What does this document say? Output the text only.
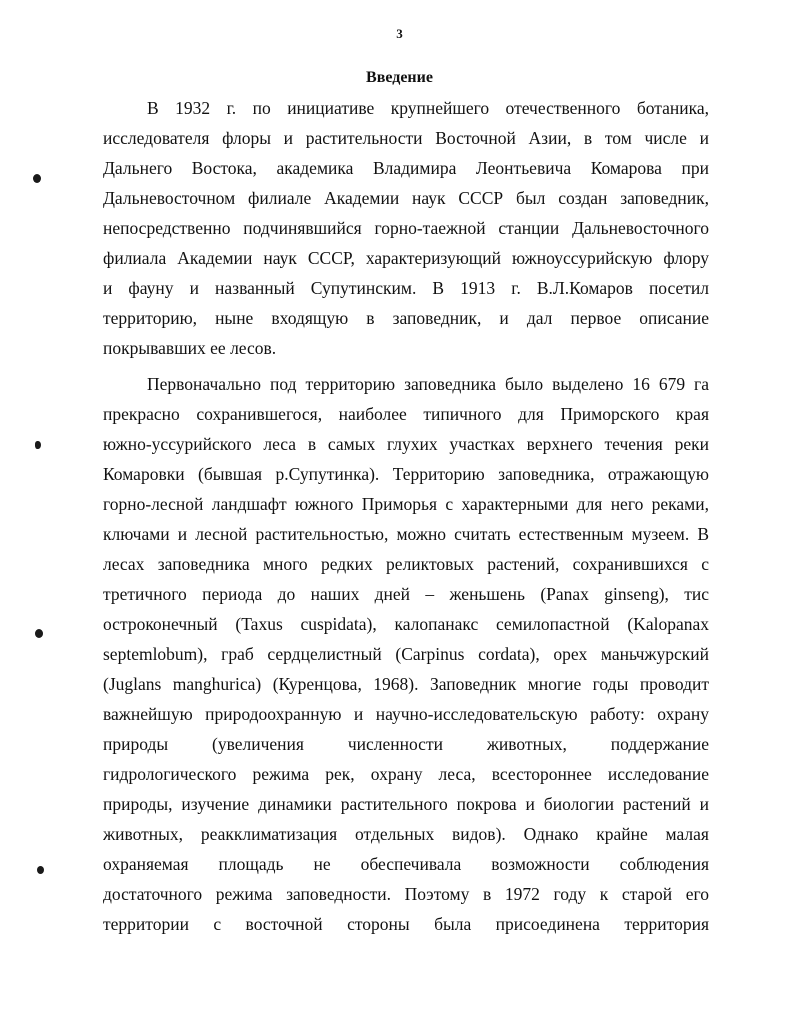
3
Введение
В 1932 г. по инициативе крупнейшего отечественного ботаника,
исследователя флоры и растительности Восточной Азии, в том числе и
Дальнего Востока, академика Владимира Леонтьевича Комарова при
Дальневосточном филиале Академии наук СССР был создан заповедник,
непосредственно подчинявшийся горно-таежной станции Дальневосточного
филиала Академии наук СССР, характеризующий южноуссурийскую флору
и фауну и названный Супутинским. В 1913 г. В.Л.Комаров посетил
территорию, ныне входящую в заповедник, и дал первое описание
покрывавших ее лесов.
Первоначально под территорию заповедника было выделено 16 679 га
прекрасно сохранившегося, наиболее типичного для Приморского края
южно-уссурийского леса в самых глухих участках верхнего течения реки
Комаровки (бывшая р.Супутинка). Территорию заповедника, отражающую
горно-лесной ландшафт южного Приморья с характерными для него реками,
ключами и лесной растительностью, можно считать естественным музеем. В
лесах заповедника много редких реликтовых растений, сохранившихся с
третичного периода до наших дней – женьшень (Panax ginseng), тис
остроконечный (Taxus cuspidata), калопанакс семилопастной (Kalopanax
septemlobum), граб сердцелистный (Carpinus cordata), орех маньчжурский
(Juglans manghurica) (Куренцова, 1968). Заповедник многие годы проводит
важнейшую природоохранную и научно-исследовательскую работу: охрану
природы (увеличения численности животных, поддержание
гидрологического режима рек, охрану леса, всестороннее исследование
природы, изучение динамики растительного покрова и биологии растений и
животных, реакклиматизация отдельных видов). Однако крайне малая
охраняемая площадь не обеспечивала возможности соблюдения
достаточного режима заповедности. Поэтому в 1972 году к старой его
территории с восточной стороны была присоединена территория
